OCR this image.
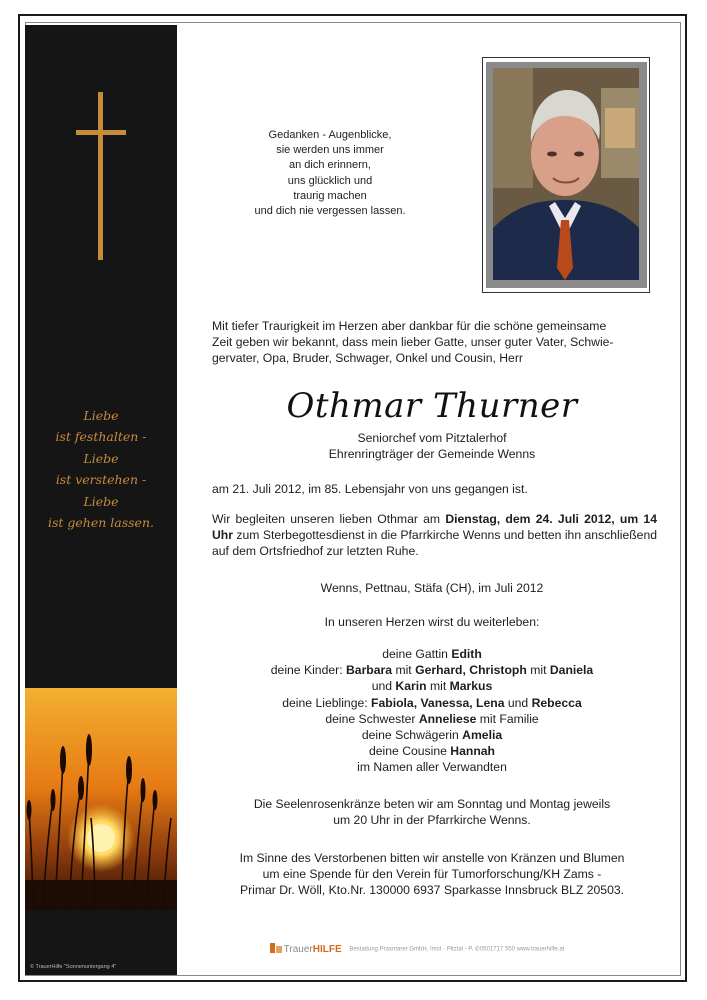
Liebe
ist festhalten -
Liebe
ist verstehen -
Liebe
ist gehen lassen.
© TrauerHilfe "Sonnenuntergang 4"
Gedanken - Augenblicke,
sie werden uns immer
an dich erinnern,
uns glücklich und
traurig machen
und dich nie vergessen lassen.
Mit tiefer Traurigkeit im Herzen aber dankbar für die schöne gemeinsame
Zeit geben wir bekannt, dass mein lieber Gatte, unser guter Vater, Schwie-
gervater, Opa, Bruder, Schwager, Onkel und Cousin, Herr
Othmar Thurner
Seniorchef vom Pitztalerhof
Ehrenringträger der Gemeinde Wenns
am 21. Juli 2012, im 85. Lebensjahr von uns gegangen ist.
Wir begleiten unseren lieben Othmar am Dienstag, dem 24. Juli 2012, um 14 Uhr zum Sterbegottesdienst in die Pfarrkirche Wenns und betten ihn anschließend auf dem Ortsfriedhof zur letzten Ruhe.
Wenns, Pettnau, Stäfa (CH), im Juli 2012
In unseren Herzen wirst du weiterleben:
deine Gattin Edith
deine Kinder: Barbara mit Gerhard, Christoph mit Daniela
und Karin mit Markus
deine Lieblinge: Fabiola, Vanessa, Lena und Rebecca
deine Schwester Anneliese mit Familie
deine Schwägerin Amelia
deine Cousine Hannah
im Namen aller Verwandten
Die Seelenrosenkränze beten wir am Sonntag und Montag jeweils
um 20 Uhr in der Pfarrkirche Wenns.
Im Sinne des Verstorbenen bitten wir anstelle von Kränzen und Blumen
um eine Spende für den Verein für Tumorforschung/KH Zams -
Primar Dr. Wöll, Kto.Nr. 130000 6937 Sparkasse Innsbruck BLZ 20503.
TrauerHILFE Bestattung Praxmarer GmbH, Imst - Pitztal - P. ✆0501717 550 www.trauerhilfe.at
